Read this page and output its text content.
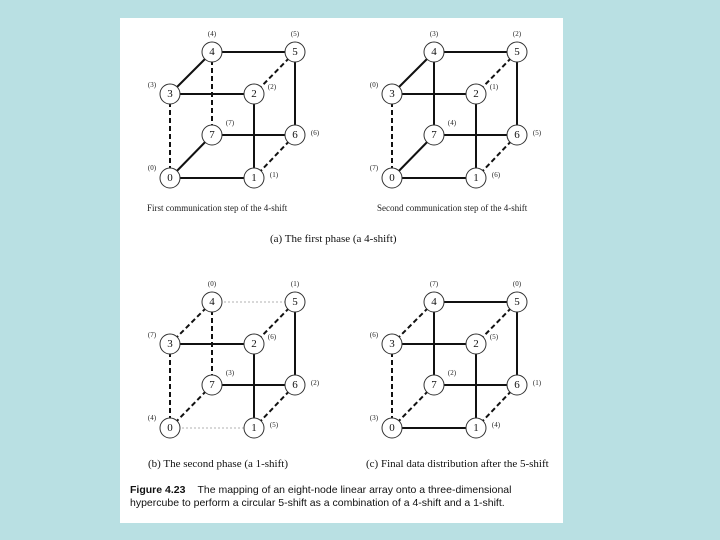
0
(0)
1 (1)
2
(2)
3
(3)
4
(4)
5
(5)
6 (6)
7
(7)
0
(7)
1 (6)
2
(1)
3
(0)
4
(3)
5
(2)
6 (5)
7
(4)
First communication step of the 4-shift	Second communication step of the 4-shift
(a) The first phase (a 4-shift)
0
(4)
1 (5)
2
(6)
3
(7)
4
(0)
5
(1)
6 (2)
7
(3)
0
(3)
1 (4)
2
(5)
3
(6)
4
(7)
5
(0)
6 (1)
7
(2)
(b) The second phase (a 1-shift)	(c) Final data distribution after the 5-shift
Figure 4.23 The mapping of an eight-node linear array onto a three-dimensional hypercube to perform a circular 5-shift as a combination of a 4-shift and a 1-shift.
